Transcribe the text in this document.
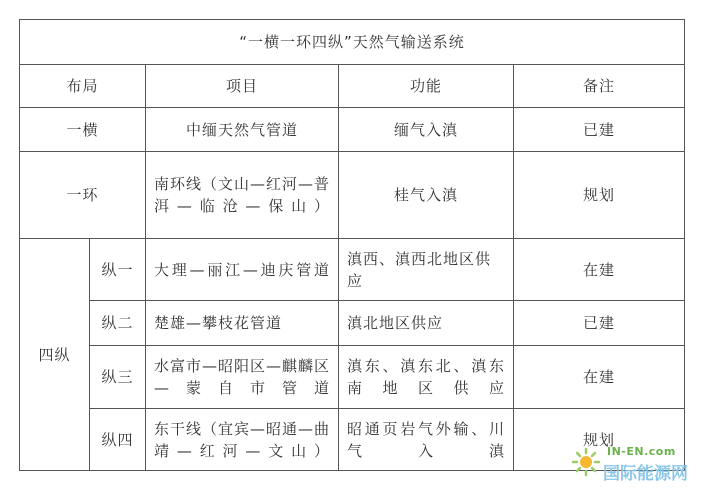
“一横一环四纵”天然气输送系统				
布局		项目	功能	备注
一横		中缅天然气管道	缅气入滇	已建
一环		南环线（文山—红河—普洱—临沧—保山）	桂气入滇	规划
四纵	纵一	大理—丽江—迪庆管道	滇西、滇西北地区供应	在建
	纵二	楚雄—攀枝花管道	滇北地区供应	已建
	纵三	水富市—昭阳区—麒麟区—蒙自市管道	滇东、滇东北、滇东南地区供应	在建
	纵四	东干线（宜宾—昭通—曲靖—红河—文山）	昭通页岩气外输、川气入滇	规划
IN-EN.com
国际能源网
